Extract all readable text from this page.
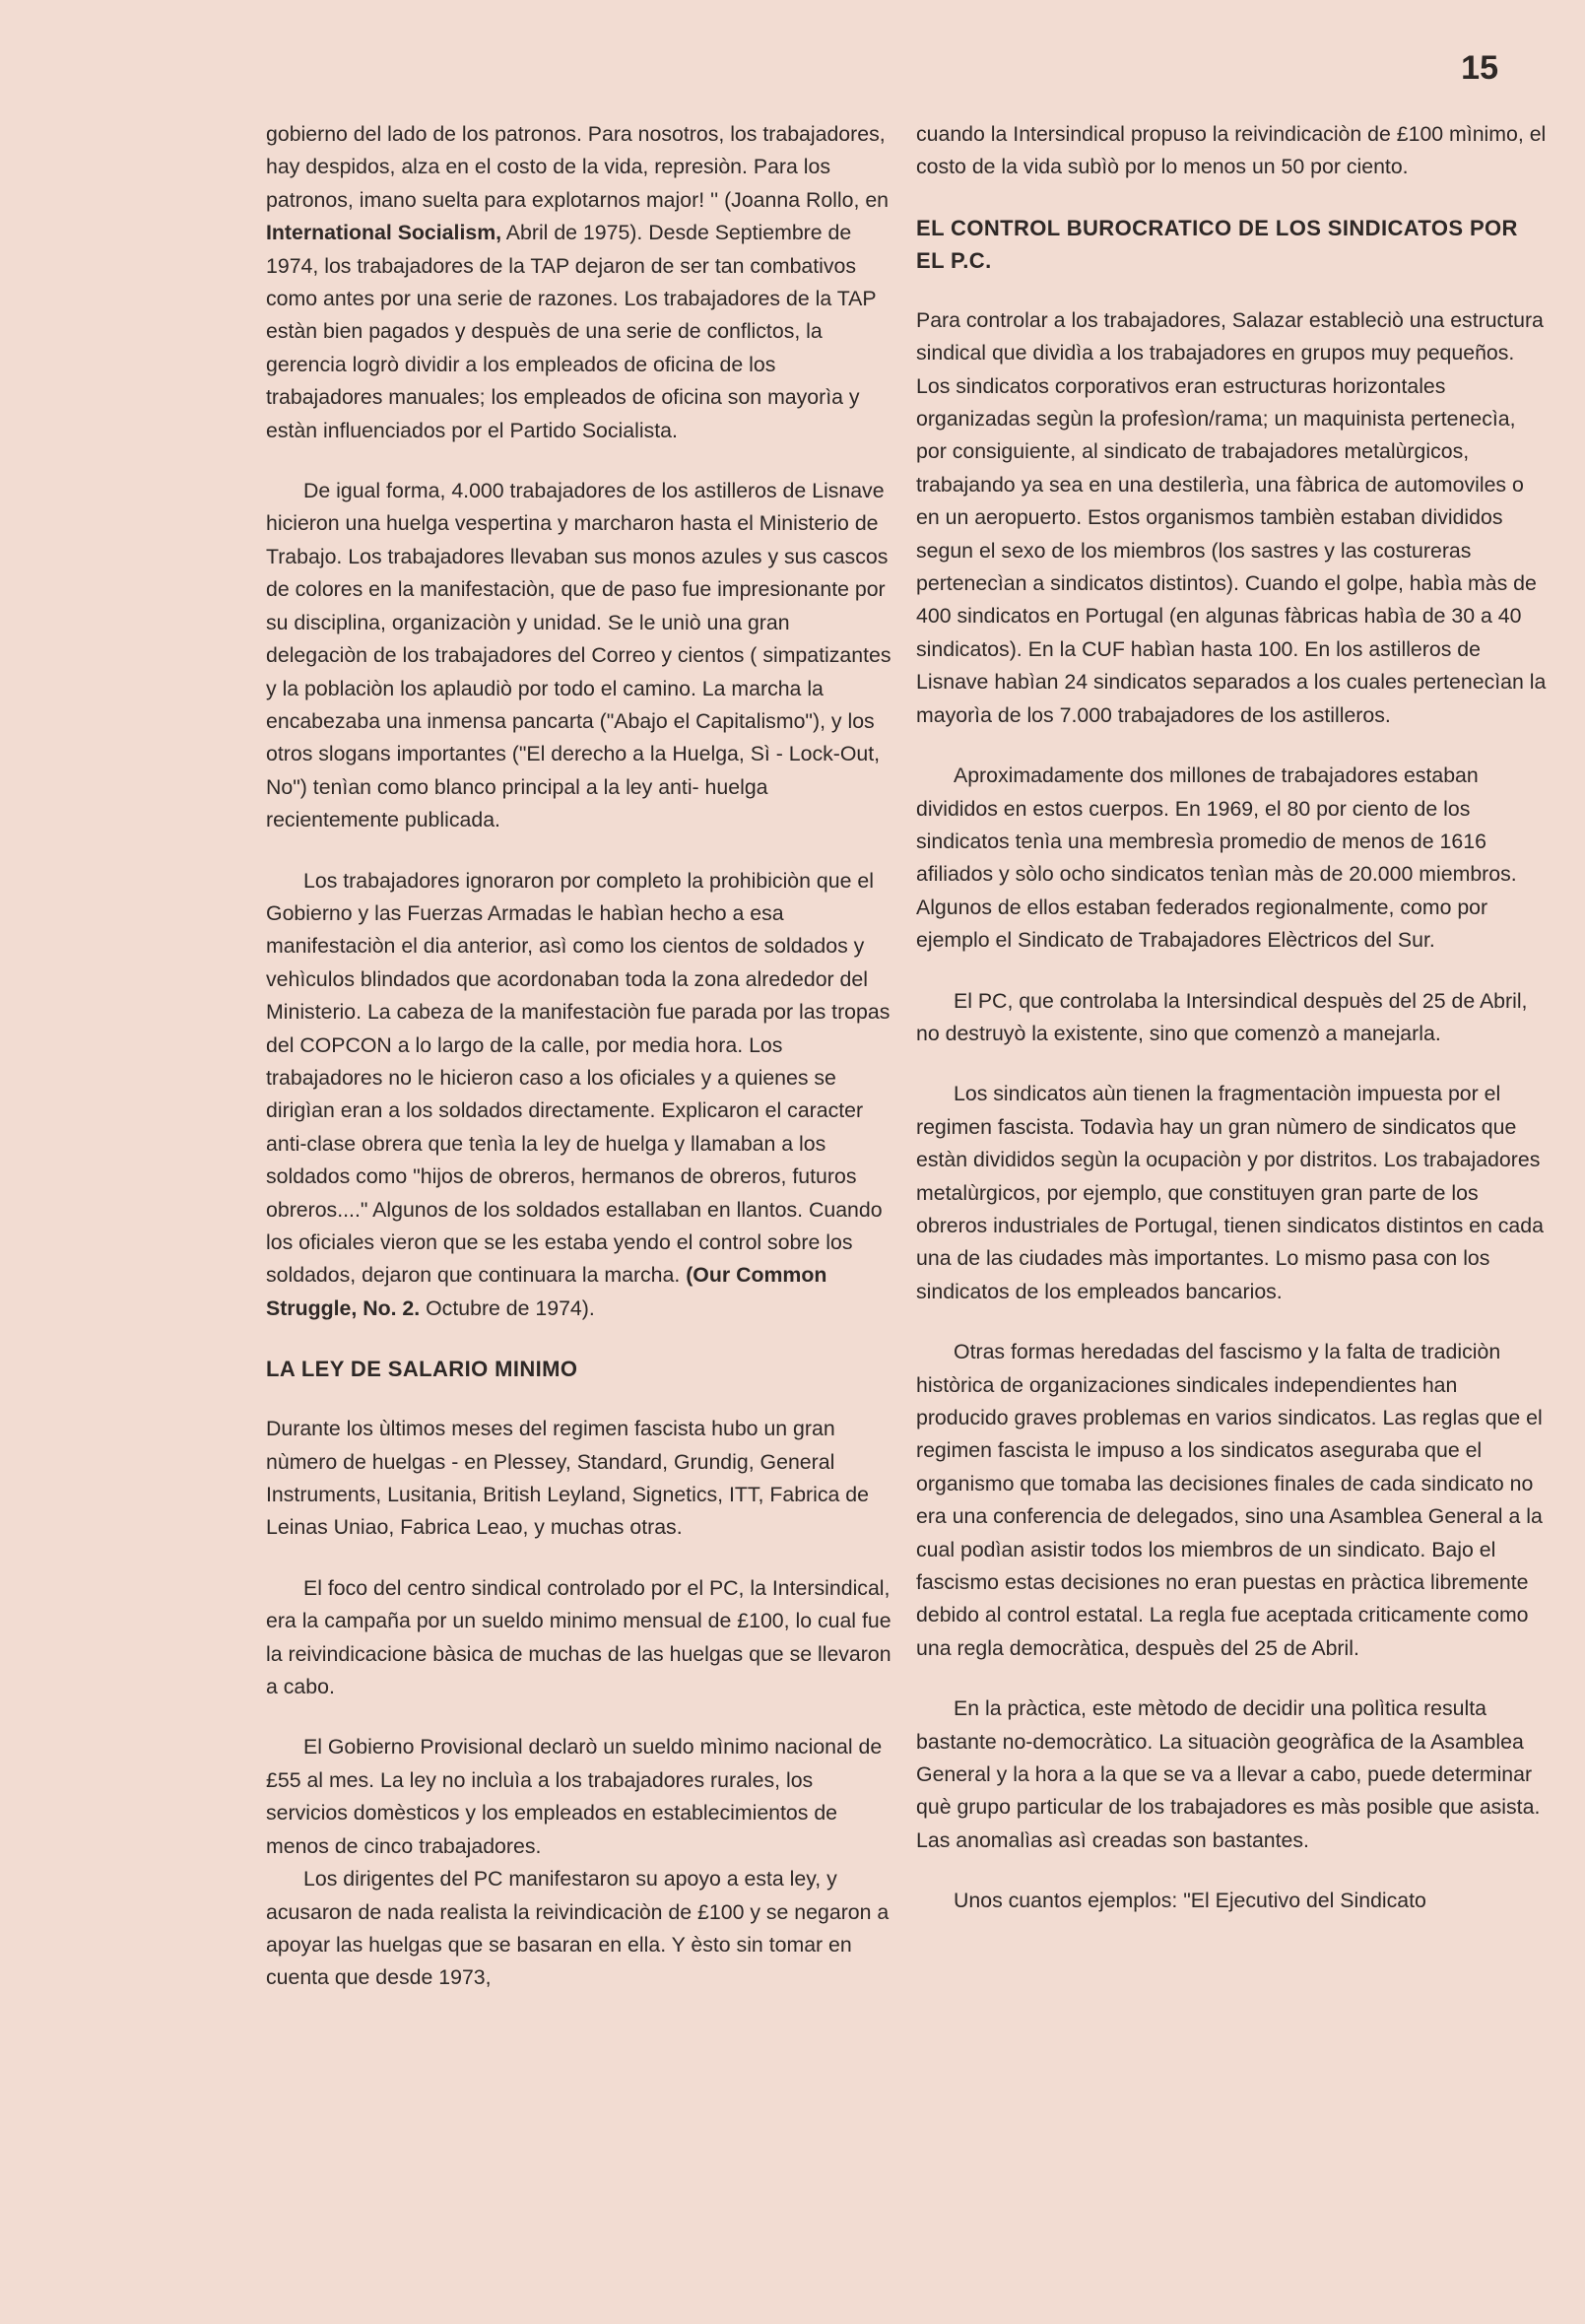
15

gobierno del lado de los patronos. Para nosotros, los trabajadores, hay despidos, alza en el costo de la vida, represiòn. Para los patronos, imano suelta para explotarnos major! '' (Joanna Rollo, en International Socialism, Abril de 1975). Desde Septiembre de 1974, los trabajadores de la TAP dejaron de ser tan combativos como antes por una serie de razones. Los trabajadores de la TAP estàn bien pagados y despuès de una serie de conflictos, la gerencia logrò dividir a los empleados de oficina de los trabajadores manuales; los empleados de oficina son mayorìa y estàn influenciados por el Partido Socialista.

De igual forma, 4.000 trabajadores de los astilleros de Lisnave hicieron una huelga vespertina y marcharon hasta el Ministerio de Trabajo. Los trabajadores llevaban sus monos azules y sus cascos de colores en la manifestaciòn, que de paso fue impresionante por su disciplina, organizaciòn y unidad. Se le uniò una gran delegaciòn de los trabajadores del Correo y cientos ( simpatizantes y la poblaciòn los aplaudiò por todo el camino. La marcha la encabezaba una inmensa pancarta ("Abajo el Capitalismo"), y los otros slogans importantes ("El derecho a la Huelga, Sì - Lock-Out, No") tenìan como blanco principal a la ley anti- huelga recientemente publicada.

Los trabajadores ignoraron por completo la prohibiciòn que el Gobierno y las Fuerzas Armadas le habìan hecho a esa manifestaciòn el dia anterior, asì como los cientos de soldados y vehìculos blindados que acordonaban toda la zona alrededor del Ministerio. La cabeza de la manifestaciòn fue parada por las tropas del COPCON a lo largo de la calle, por media hora. Los trabajadores no le hicieron caso a los oficiales y a quienes se dirigìan eran a los soldados directamente. Explicaron el caracter anti-clase obrera que tenìa la ley de huelga y llamaban a los soldados como "hijos de obreros, hermanos de obreros, futuros obreros...." Algunos de los soldados estallaban en llantos. Cuando los oficiales vieron que se les estaba yendo el control sobre los soldados, dejaron que continuara la marcha. (Our Common Struggle, No. 2. Octubre de 1974).

LA LEY DE SALARIO MINIMO

Durante los ùltimos meses del regimen fascista hubo un gran nùmero de huelgas - en Plessey, Standard, Grundig, General Instruments, Lusitania, British Leyland, Signetics, ITT, Fabrica de Leinas Uniao, Fabrica Leao, y muchas otras.

El foco del centro sindical controlado por el PC, la Intersindical, era la campaña por un sueldo minimo mensual de £100, lo cual fue la reivindicacione bàsica de muchas de las huelgas que se llevaron a cabo.

El Gobierno Provisional declarò un sueldo mìnimo nacional de £55 al mes. La ley no incluìa a los trabajadores rurales, los servicios domèsticos y los empleados en establecimientos de menos de cinco trabajadores.

Los dirigentes del PC manifestaron su apoyo a esta ley, y acusaron de nada realista la reivindicaciòn de £100 y se negaron a apoyar las huelgas que se basaran en ella. Y èsto sin tomar en cuenta que desde 1973,

cuando la Intersindical propuso la reivindicaciòn de £100 mìnimo, el costo de la vida subìò por lo menos un 50 por ciento.

EL CONTROL BUROCRATICO DE LOS SINDICATOS POR EL P.C.

Para controlar a los trabajadores, Salazar estableciò una estructura sindical que dividìa a los trabajadores en grupos muy pequeños. Los sindicatos corporativos eran estructuras horizontales organizadas segùn la profesìon/rama; un maquinista pertenecìa, por consiguiente, al sindicato de trabajadores metalùrgicos, trabajando ya sea en una destilerìa, una fàbrica de automoviles o en un aeropuerto. Estos organismos tambièn estaban divididos segun el sexo de los miembros (los sastres y las costureras pertenecìan a sindicatos distintos). Cuando el golpe, habìa màs de 400 sindicatos en Portugal (en algunas fàbricas habìa de 30 a 40 sindicatos). En la CUF habìan hasta 100. En los astilleros de Lisnave habìan 24 sindicatos separados a los cuales pertenecìan la mayorìa de los 7.000 trabajadores de los astilleros.

Aproximadamente dos millones de trabajadores estaban divididos en estos cuerpos. En 1969, el 80 por ciento de los sindicatos tenìa una membresìa promedio de menos de 1616 afiliados y sòlo ocho sindicatos tenìan màs de 20.000 miembros. Algunos de ellos estaban federados regionalmente, como por ejemplo el Sindicato de Trabajadores Elèctricos del Sur.

El PC, que controlaba la Intersindical despuès del 25 de Abril, no destruyò la existente, sino que comenzò a manejarla.

Los sindicatos aùn tienen la fragmentaciòn impuesta por el regimen fascista. Todavìa hay un gran nùmero de sindicatos que estàn divididos segùn la ocupaciòn y por distritos. Los trabajadores metalùrgicos, por ejemplo, que constituyen gran parte de los obreros industriales de Portugal, tienen sindicatos distintos en cada una de las ciudades màs importantes. Lo mismo pasa con los sindicatos de los empleados bancarios.

Otras formas heredadas del fascismo y la falta de tradiciòn històrica de organizaciones sindicales independientes han producido graves problemas en varios sindicatos. Las reglas que el regimen fascista le impuso a los sindicatos aseguraba que el organismo que tomaba las decisiones finales de cada sindicato no era una conferencia de delegados, sino una Asamblea General a la cual podìan asistir todos los miembros de un sindicato. Bajo el fascismo estas decisiones no eran puestas en pràctica libremente debido al control estatal. La regla fue aceptada criticamente como una regla democràtica, despuès del 25 de Abril.

En la pràctica, este mètodo de decidir una polìtica resulta bastante no-democràtico. La situaciòn geogràfica de la Asamblea General y la hora a la que se va a llevar a cabo, puede determinar què grupo particular de los trabajadores es màs posible que asista. Las anomalìas asì creadas son bastantes.

Unos cuantos ejemplos: "El Ejecutivo del Sindicato
